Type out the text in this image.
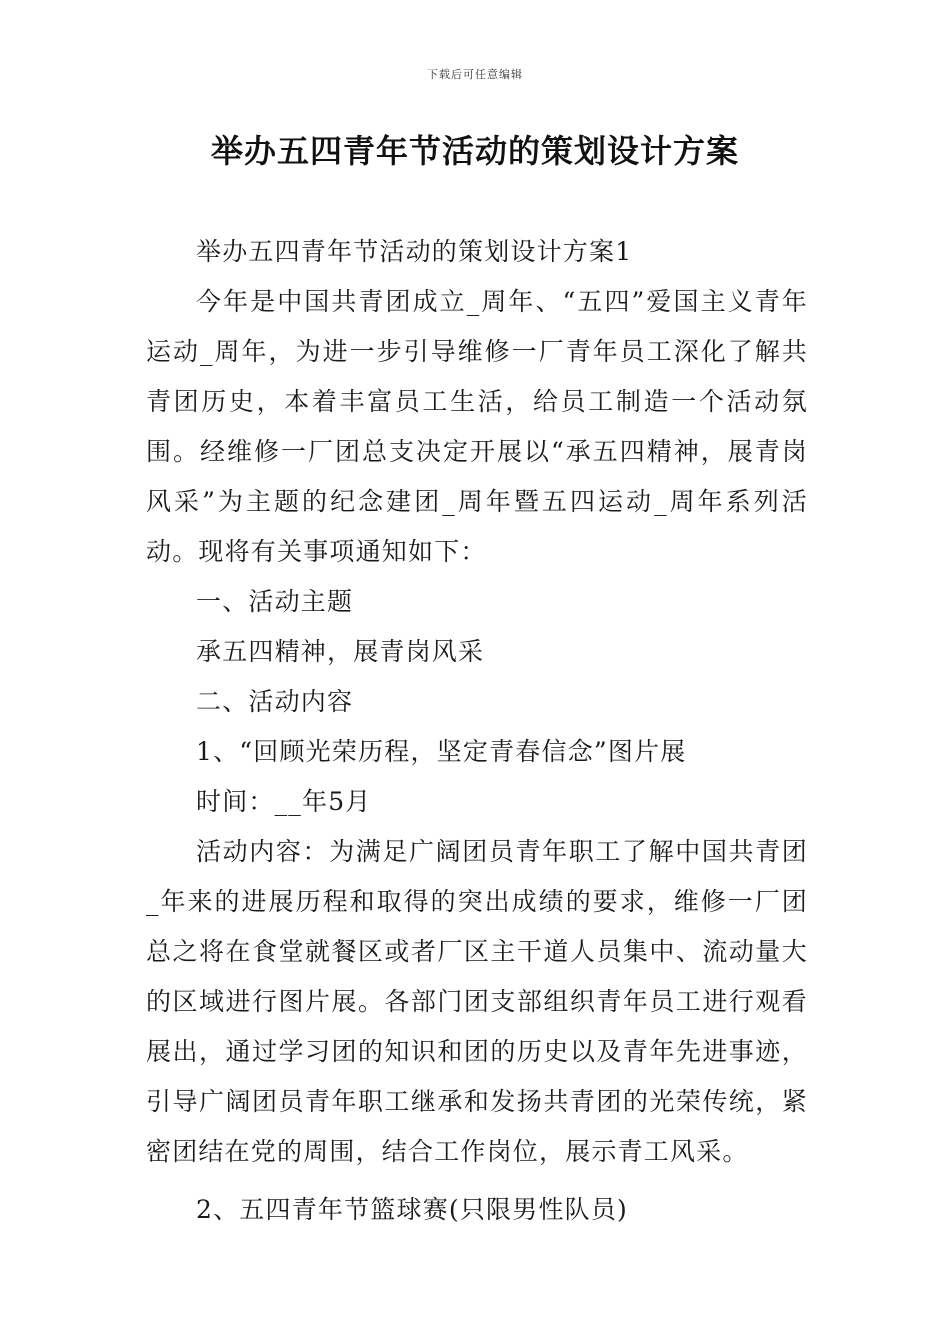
下载后可任意编辑
举办五四青年节活动的策划设计方案

举办五四青年节活动的策划设计方案1

今年是中国共青团成立_周年、“五四”爱国主义青年运动_周年，为进一步引导维修一厂青年员工深化了解共青团历史，本着丰富员工生活，给员工制造一个活动氛围。经维修一厂团总支决定开展以“承五四精神，展青岗风采”为主题的纪念建团_周年暨五四运动_周年系列活动。现将有关事项通知如下：

一、活动主题

承五四精神，展青岗风采

二、活动内容

1、“回顾光荣历程，坚定青春信念”图片展

时间：__年5月

活动内容：为满足广阔团员青年职工了解中国共青团_年来的进展历程和取得的突出成绩的要求，维修一厂团总之将在食堂就餐区或者厂区主干道人员集中、流动量大的区域进行图片展。各部门团支部组织青年员工进行观看展出，通过学习团的知识和团的历史以及青年先进事迹，引导广阔团员青年职工继承和发扬共青团的光荣传统，紧密团结在党的周围，结合工作岗位，展示青工风采。

2、五四青年节篮球赛(只限男性队员)
